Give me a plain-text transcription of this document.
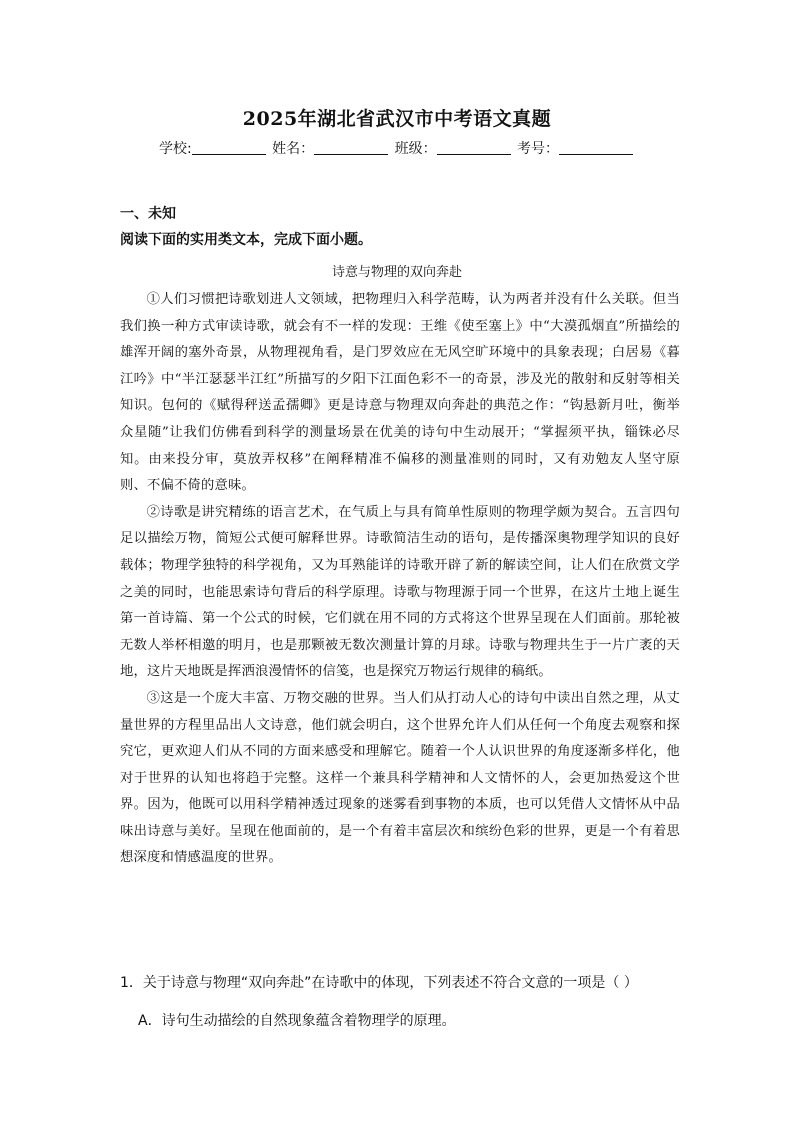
2025年湖北省武汉市中考语文真题
学校:	姓名：	班级：	考号：
一、未知
阅读下面的实用类文本，完成下面小题。
诗意与物理的双向奔赴

①人们习惯把诗歌划进人文领域，把物理归入科学范畴，认为两者并没有什么关联。但当我们换一种方式审读诗歌，就会有不一样的发现：王维《使至塞上》中“大漠孤烟直”所描绘的雄浑开阔的塞外奇景，从物理视角看，是门罗效应在无风空旷环境中的具象表现；白居易《暮江吟》中“半江瑟瑟半江红”所描写的夕阳下江面色彩不一的奇景，涉及光的散射和反射等相关知识。包何的《赋得秤送孟孺卿》更是诗意与物理双向奔赴的典范之作：“钩悬新月吐，衡举众星随”让我们仿佛看到科学的测量场景在优美的诗句中生动展开；“掌握须平执，锱铢必尽知。由来投分审，莫放弄权移”在阐释精准不偏移的测量准则的同时，又有劝勉友人坚守原则、不偏不倚的意味。

②诗歌是讲究精练的语言艺术，在气质上与具有简单性原则的物理学颇为契合。五言四句足以描绘万物，简短公式便可解释世界。诗歌简洁生动的语句，是传播深奥物理学知识的良好载体；物理学独特的科学视角，又为耳熟能详的诗歌开辟了新的解读空间，让人们在欣赏文学之美的同时，也能思索诗句背后的科学原理。诗歌与物理源于同一个世界，在这片土地上诞生第一首诗篇、第一个公式的时候，它们就在用不同的方式将这个世界呈现在人们面前。那轮被无数人举杯相邀的明月，也是那颗被无数次测量计算的月球。诗歌与物理共生于一片广袤的天地，这片天地既是挥洒浪漫情怀的信笺，也是探究万物运行规律的稿纸。

③这是一个庞大丰富、万物交融的世界。当人们从打动人心的诗句中读出自然之理，从丈量世界的方程里品出人文诗意，他们就会明白，这个世界允许人们从任何一个角度去观察和探究它，更欢迎人们从不同的方面来感受和理解它。随着一个人认识世界的角度逐渐多样化，他对于世界的认知也将趋于完整。这样一个兼具科学精神和人文情怀的人，会更加热爱这个世界。因为，他既可以用科学精神透过现象的迷雾看到事物的本质，也可以凭借人文情怀从中品味出诗意与美好。呈现在他面前的，是一个有着丰富层次和缤纷色彩的世界，更是一个有着思想深度和情感温度的世界。

1．关于诗意与物理“双向奔赴”在诗歌中的体现，下列表述不符合文意的一项是（ ）
A．诗句生动描绘的自然现象蕴含着物理学的原理。
